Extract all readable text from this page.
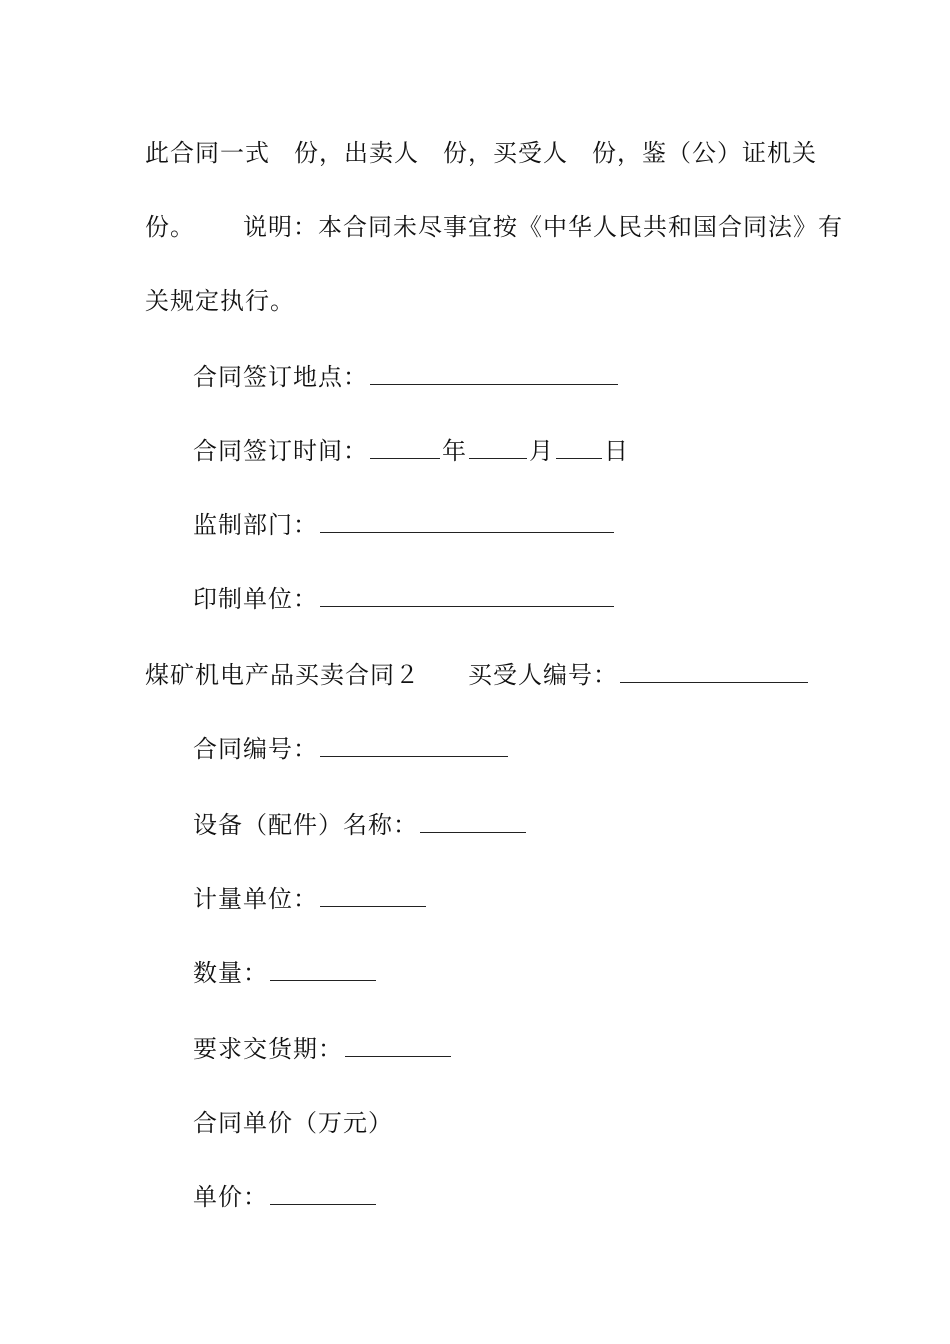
此合同一式 份，出卖人 份，买受人 份，鉴（公）证机关
份。 说明：本合同未尽事宜按《中华人民共和国合同法》有
关规定执行。
合同签订地点：
合同签订时间：	年	月 日
监制部门：
印制单位：
煤矿机电产品买卖合同２ 买受人编号：
合同编号：
设备（配件）名称：
计量单位：
数量：
要求交货期：
合同单价（万元）
单价：
